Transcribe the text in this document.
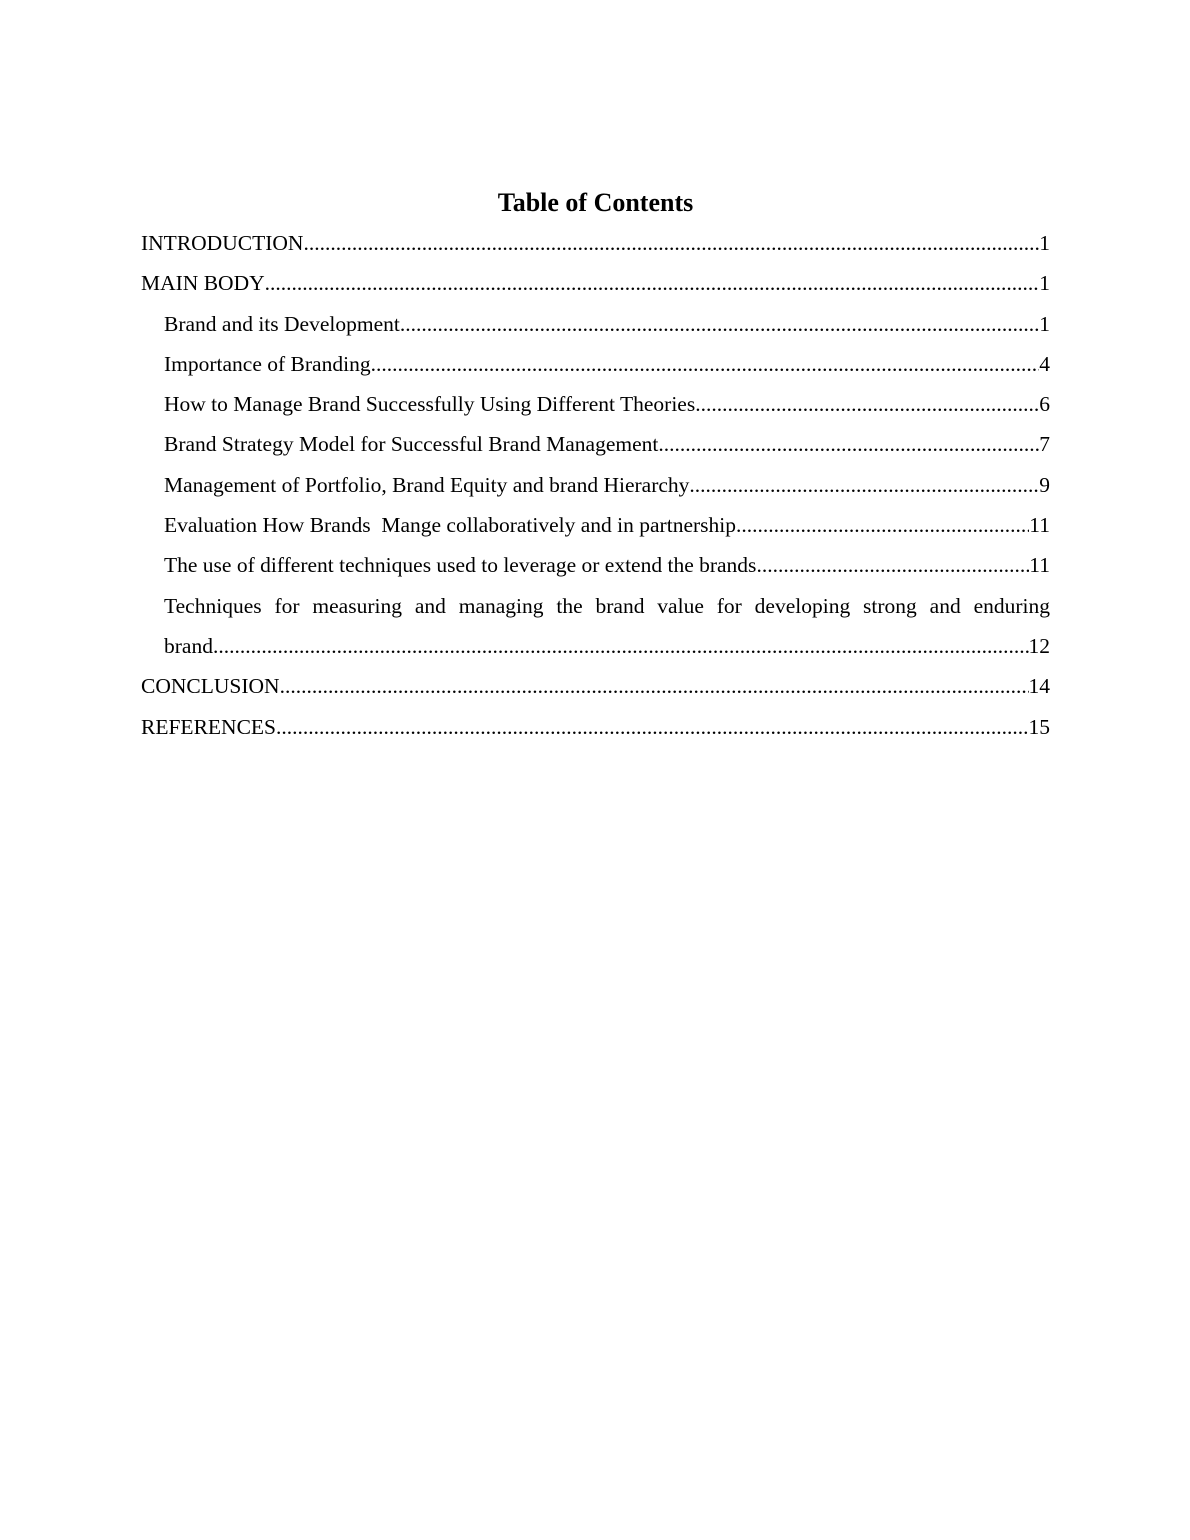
Table of Contents
INTRODUCTION .....	1
MAIN BODY .....	1
Brand and its Development .....	1
Importance of Branding .....	4
How to Manage Brand Successfully Using Different Theories .....	6
Brand Strategy Model for Successful Brand Management .....	7
Management of Portfolio, Brand Equity and brand Hierarchy .....	9
Evaluation How Brands  Mange collaboratively and in partnership .....	11
The use of different techniques used to leverage or extend the brands .....	11
Techniques for measuring and managing the brand value for developing strong and enduring
brand .....	12
CONCLUSION .....	14
REFERENCES .....	15
